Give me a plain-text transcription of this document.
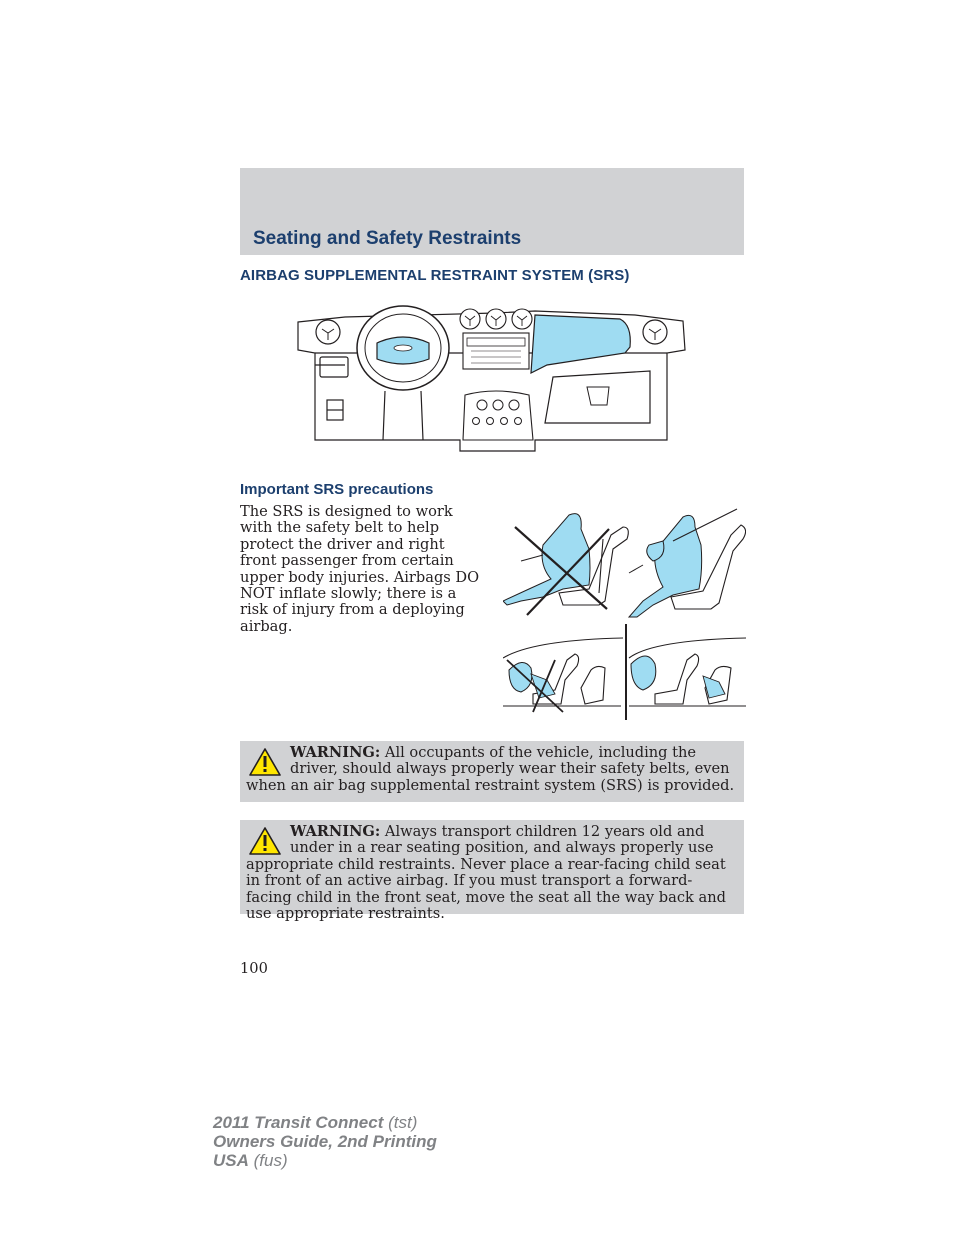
Seating and Safety Restraints
AIRBAG SUPPLEMENTAL RESTRAINT SYSTEM (SRS)
Important SRS precautions
The SRS is designed to work with the safety belt to help protect the driver and right front passenger from certain upper body injuries. Airbags DO NOT inflate slowly; there is a risk of injury from a deploying airbag.
WARNING: All occupants of the vehicle, including the driver, should always properly wear their safety belts, even when an air bag supplemental restraint system (SRS) is provided.
WARNING: Always transport children 12 years old and under in a rear seating position, and always properly use appropriate child restraints. Never place a rear-facing child seat in front of an active airbag. If you must transport a forward-facing child in the front seat, move the seat all the way back and use appropriate restraints.
100
2011 Transit Connect (tst)
Owners Guide, 2nd Printing
USA (fus)
